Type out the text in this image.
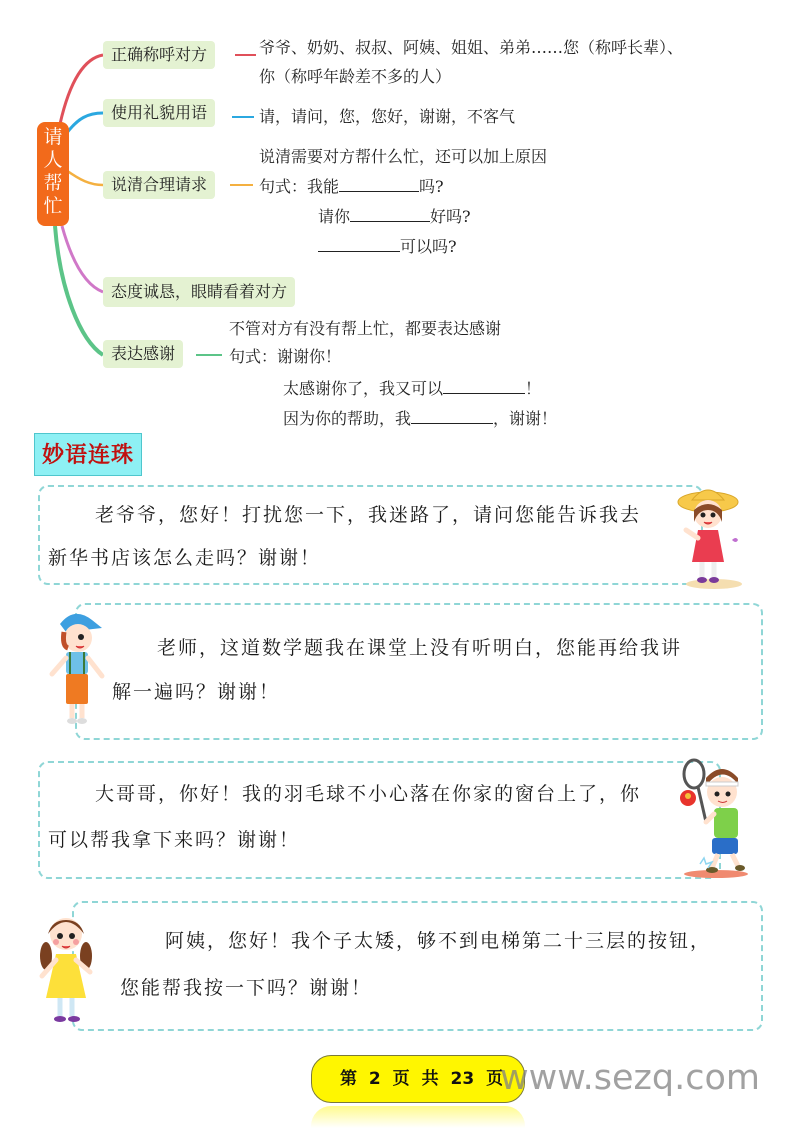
请
人
帮
忙
正确称呼对方	爷爷、奶奶、叔叔、阿姨、姐姐、弟弟……您（称呼长辈）、
你（称呼年龄差不多的人）
使用礼貌用语	请，请问，您，您好，谢谢，不客气
说清合理请求
说清需要对方帮什么忙，还可以加上原因
句式：我能	吗?
请你	好吗?
可以吗?
态度诚恳，眼睛看着对方
表达感谢
不管对方有没有帮上忙，都要表达感谢
句式：谢谢你！
太感谢你了，我又可以	！
因为你的帮助，我	，谢谢！
妙语连珠
老爷爷，您好！打扰您一下，我迷路了，请问您能告诉我去
新华书店该怎么走吗？谢谢！
老师，这道数学题我在课堂上没有听明白，您能再给我讲
解一遍吗？谢谢！
大哥哥，你好！我的羽毛球不小心落在你家的窗台上了，你
可以帮我拿下来吗？谢谢！
阿姨，您好！我个子太矮，够不到电梯第二十三层的按钮，
您能帮我按一下吗？谢谢！
第 2 页 共 23 页
www.sezq.com
